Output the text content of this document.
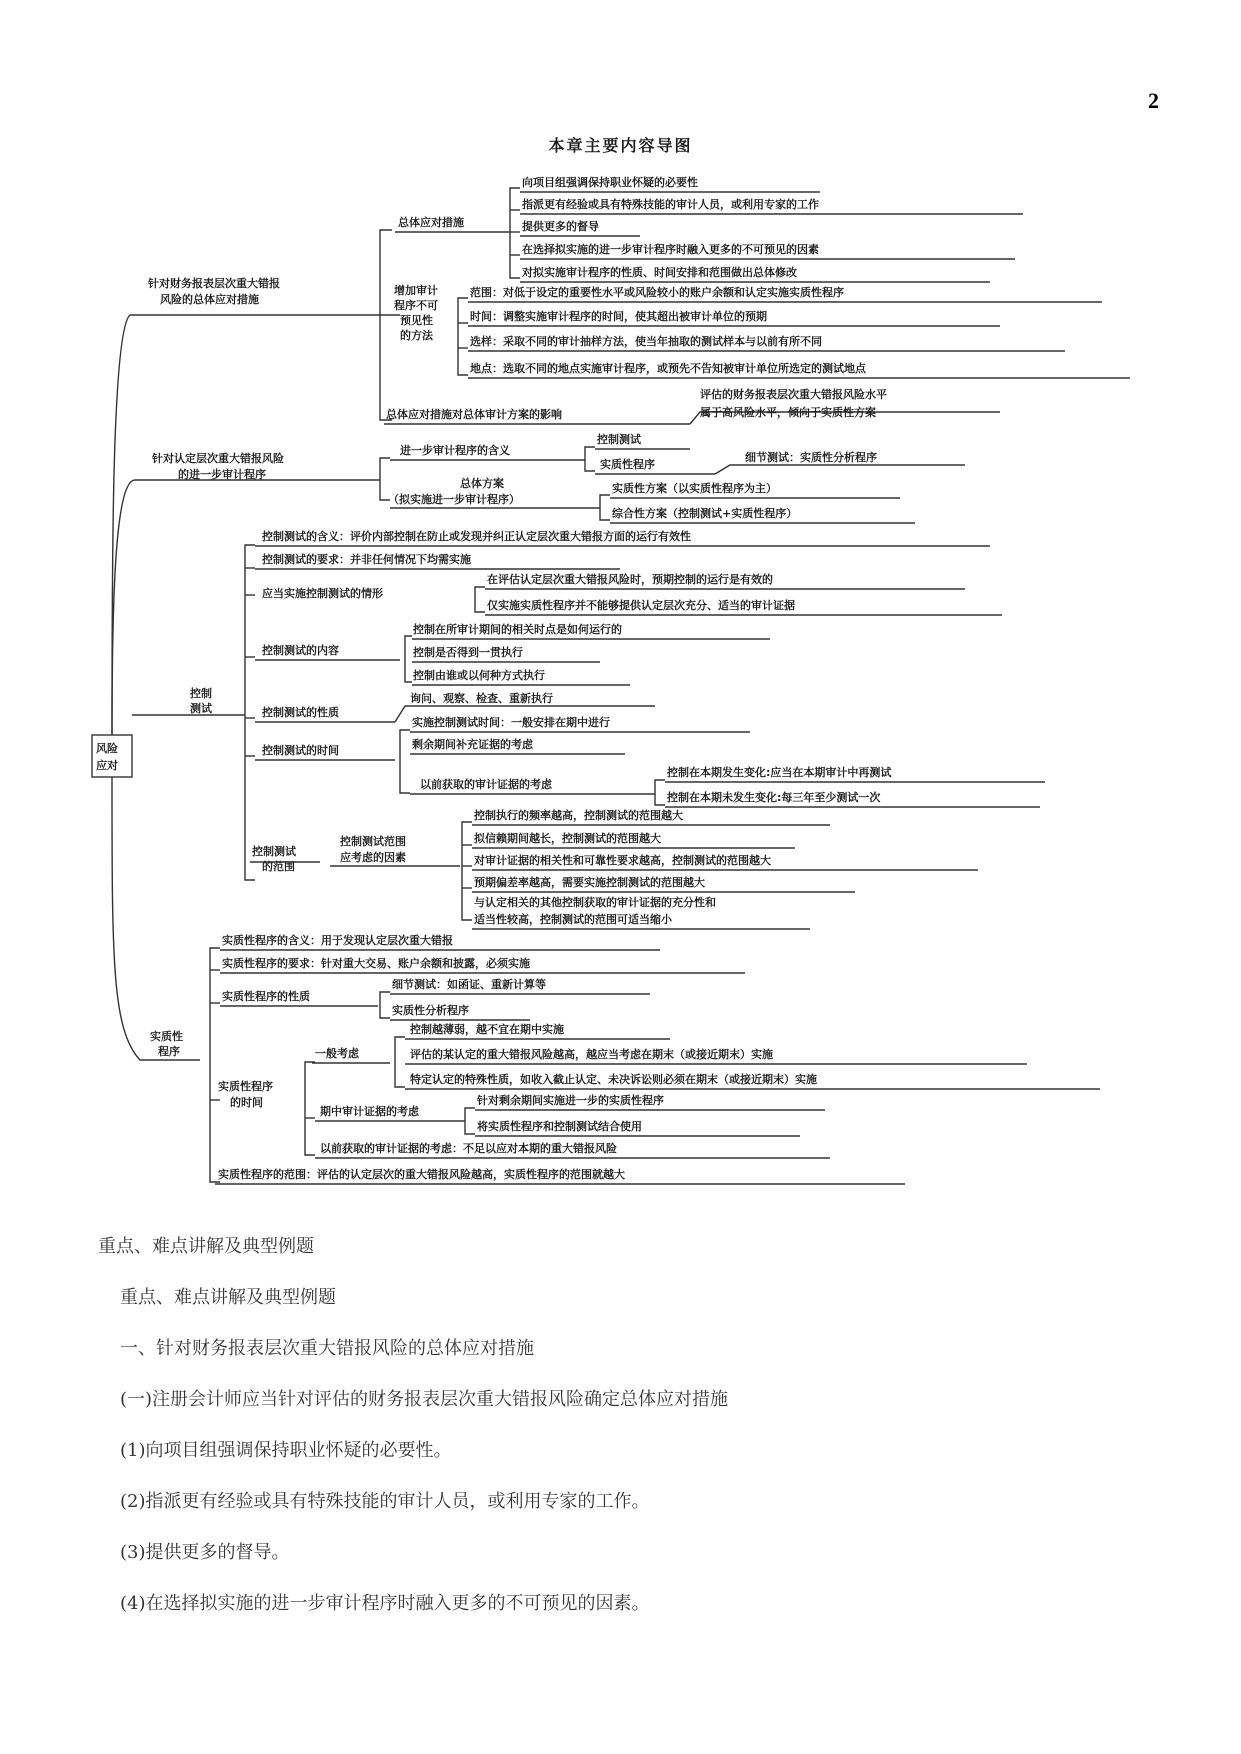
2
本章主要内容导图
风险
应对
针对财务报表层次重大错报
风险的总体应对措施
总体应对措施
向项目组强调保持职业怀疑的必要性
指派更有经验或具有特殊技能的审计人员，或利用专家的工作
提供更多的督导
在选择拟实施的进一步审计程序时融入更多的不可预见的因素
对拟实施审计程序的性质、时间安排和范围做出总体修改
增加审计
程序不可
预见性
的方法
范围：对低于设定的重要性水平或风险较小的账户余额和认定实施实质性程序
时间：调整实施审计程序的时间，使其超出被审计单位的预期
选样：采取不同的审计抽样方法，使当年抽取的测试样本与以前有所不同
地点：选取不同的地点实施审计程序，或预先不告知被审计单位所选定的测试地点
总体应对措施对总体审计方案的影响
评估的财务报表层次重大错报风险水平
属于高风险水平，倾向于实质性方案
针对认定层次重大错报风险
的进一步审计程序
进一步审计程序的含义
控制测试
实质性程序
细节测试：实质性分析程序
总体方案
（拟实施进一步审计程序）
实质性方案（以实质性程序为主）
综合性方案（控制测试+实质性程序）
控制
测试
控制测试的含义：评价内部控制在防止或发现并纠正认定层次重大错报方面的运行有效性
控制测试的要求：并非任何情况下均需实施
应当实施控制测试的情形
在评估认定层次重大错报风险时，预期控制的运行是有效的
仅实施实质性程序并不能够提供认定层次充分、适当的审计证据
控制测试的内容
控制在所审计期间的相关时点是如何运行的
控制是否得到一贯执行
控制由谁或以何种方式执行
控制测试的性质
询问、观察、检查、重新执行
控制测试的时间
实施控制测试时间：一般安排在期中进行
剩余期间补充证据的考虑
以前获取的审计证据的考虑
控制在本期发生变化:应当在本期审计中再测试
控制在本期未发生变化:每三年至少测试一次
控制测试
的范围
控制测试范围
应考虑的因素
控制执行的频率越高，控制测试的范围越大
拟信赖期间越长，控制测试的范围越大
对审计证据的相关性和可靠性要求越高，控制测试的范围越大
预期偏差率越高，需要实施控制测试的范围越大
与认定相关的其他控制获取的审计证据的充分性和
适当性较高，控制测试的范围可适当缩小
实质性
程序
实质性程序的含义：用于发现认定层次重大错报
实质性程序的要求：针对重大交易、账户余额和披露，必须实施
实质性程序的性质
细节测试：如函证、重新计算等
实质性分析程序
实质性程序
的时间
一般考虑
控制越薄弱，越不宜在期中实施
评估的某认定的重大错报风险越高，越应当考虑在期末（或接近期末）实施
特定认定的特殊性质，如收入截止认定、未决诉讼则必须在期末（或接近期末）实施
期中审计证据的考虑
针对剩余期间实施进一步的实质性程序
将实质性程序和控制测试结合使用
以前获取的审计证据的考虑：不足以应对本期的重大错报风险
实质性程序的范围：评估的认定层次的重大错报风险越高，实质性程序的范围就越大
重点、难点讲解及典型例题
重点、难点讲解及典型例题
一、针对财务报表层次重大错报风险的总体应对措施
(一)注册会计师应当针对评估的财务报表层次重大错报风险确定总体应对措施
(1)向项目组强调保持职业怀疑的必要性。
(2)指派更有经验或具有特殊技能的审计人员，或利用专家的工作。
(3)提供更多的督导。
(4)在选择拟实施的进一步审计程序时融入更多的不可预见的因素。
